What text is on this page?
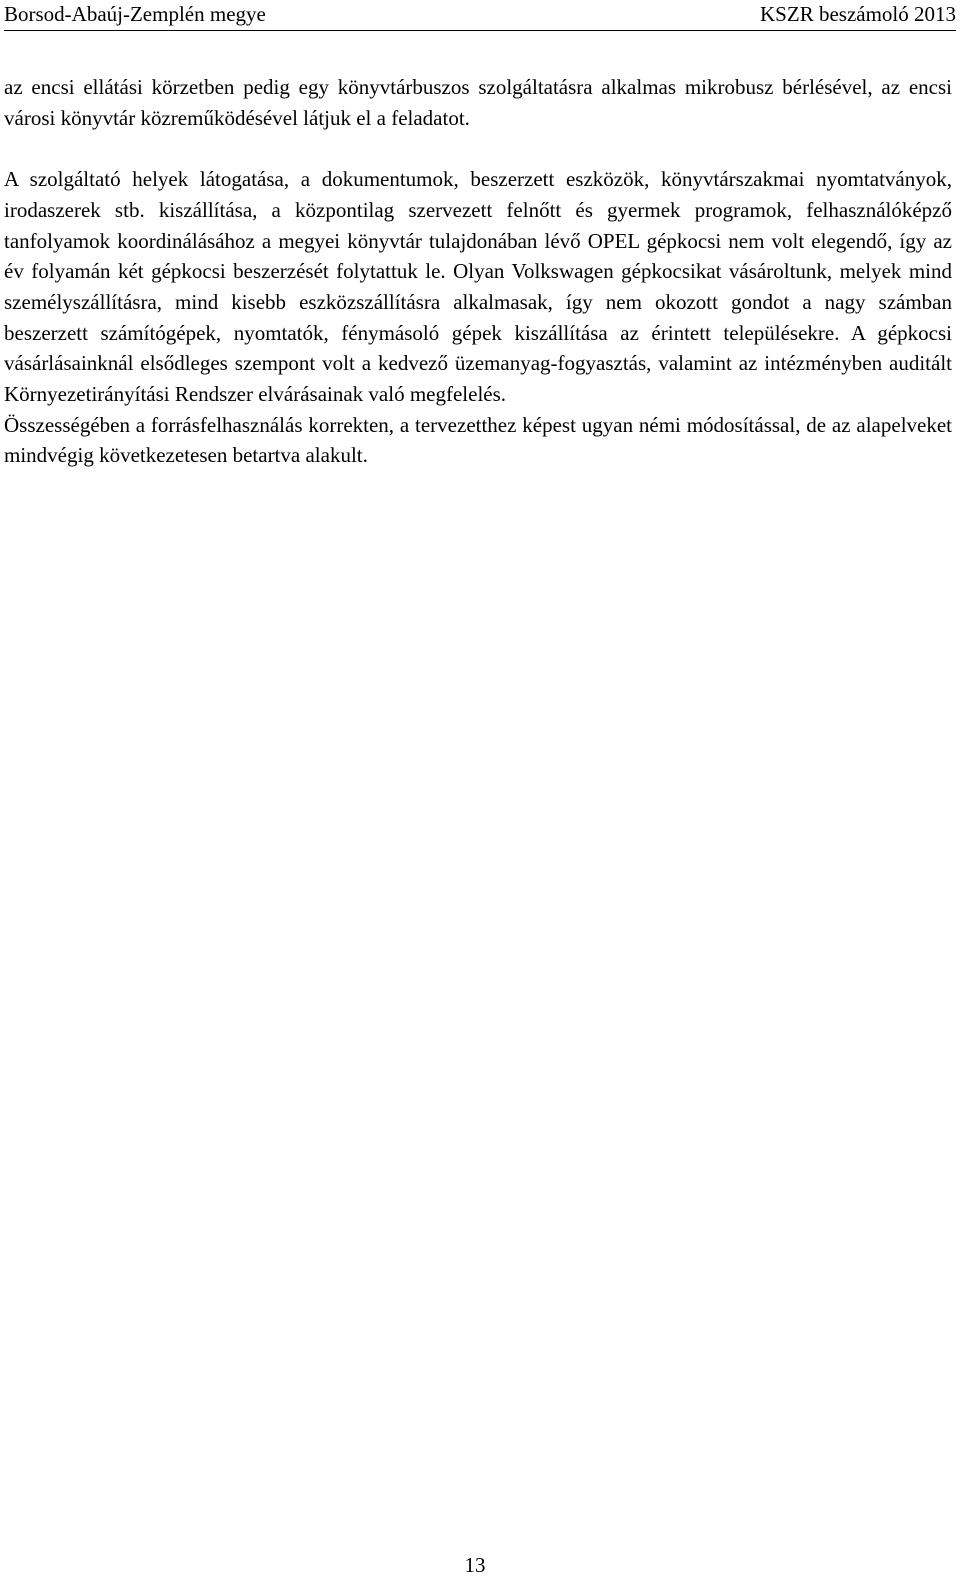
Borsod-Abaúj-Zemplén megye	KSZR beszámoló 2013

az encsi ellátási körzetben pedig egy könyvtárbuszos szolgáltatásra alkalmas mikrobusz bérlésével, az encsi városi könyvtár közreműködésével látjuk el a feladatot.

A szolgáltató helyek látogatása, a dokumentumok, beszerzett eszközök, könyvtárszakmai nyomtatványok, irodaszerek stb. kiszállítása, a központilag szervezett felnőtt és gyermek programok, felhasználóképző tanfolyamok koordinálásához a megyei könyvtár tulajdonában lévő OPEL gépkocsi nem volt elegendő, így az év folyamán két gépkocsi beszerzését folytattuk le. Olyan Volkswagen gépkocsikat vásároltunk, melyek mind személyszállításra, mind kisebb eszközszállításra alkalmasak, így nem okozott gondot a nagy számban beszerzett számítógépek, nyomtatók, fénymásoló gépek kiszállítása az érintett településekre. A gépkocsi vásárlásainknál elsődleges szempont volt a kedvező üzemanyag-fogyasztás, valamint az intézményben auditált Környezetirányítási Rendszer elvárásainak való megfelelés.

Összességében a forrásfelhasználás korrekten, a tervezetthez képest ugyan némi módosítással, de az alapelveket mindvégig következetesen betartva alakult.

13
